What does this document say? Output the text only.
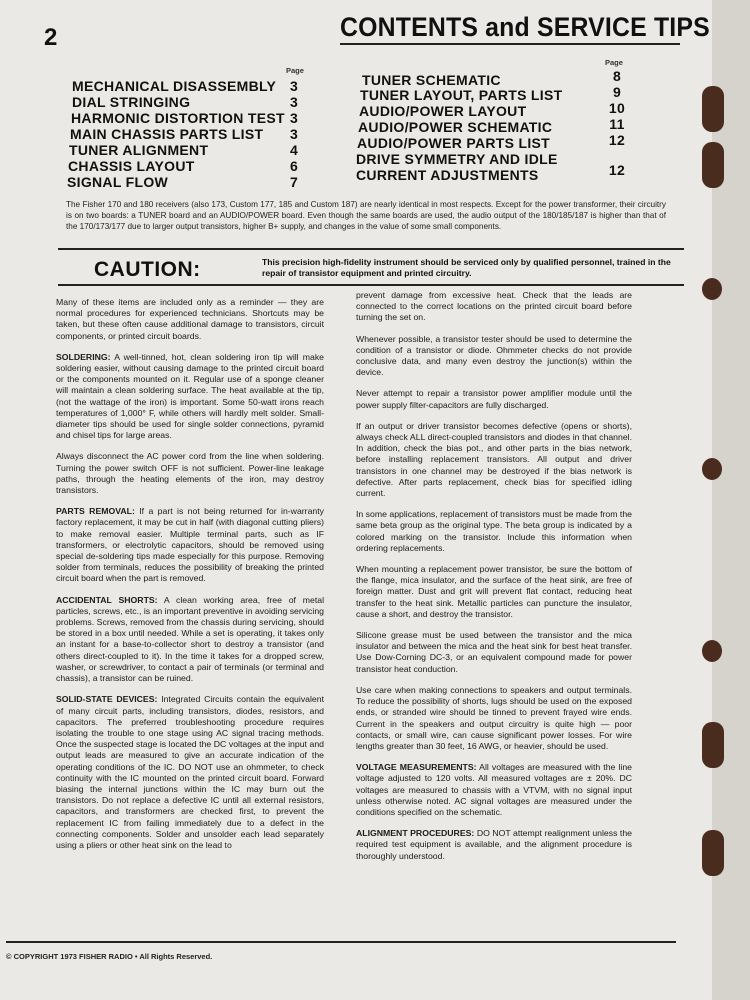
2	CONTENTS and SERVICE TIPS
Page
Page
MECHANICAL DISASSEMBLY 3
DIAL STRINGING	3
HARMONIC DISTORTION TEST 3
MAIN CHASSIS PARTS LIST	3
TUNER ALIGNMENT	4
CHASSIS LAYOUT	6
SIGNAL FLOW	7
TUNER SCHEMATIC	8
TUNER LAYOUT, PARTS LIST	9
AUDIO/POWER LAYOUT	10
AUDIO/POWER SCHEMATIC	11
AUDIO/POWER PARTS LIST	12
DRIVE SYMMETRY AND IDLE
CURRENT ADJUSTMENTS	12
The Fisher 170 and 180 receivers (also 173, Custom 177, 185 and Custom 187) are nearly identical in most respects. Except for the power transformer, their circuitry is on two boards: a TUNER board and an AUDIO/POWER board. Even though the same boards are used, the audio output of the 180/185/187 is higher than that of the 170/173/177 due to larger output transistors, higher B+ supply, and changes in the value of some small components.
CAUTION:	This precision high-fidelity instrument should be serviced only by qualified personnel, trained in the repair of transistor equipment and printed circuitry.

Many of these items are included only as a reminder — they are normal procedures for experienced technicians. Shortcuts may be taken, but these often cause additional damage to transistors, circuit components, or printed circuit boards.

SOLDERING: A well-tinned, hot, clean soldering iron tip will make soldering easier, without causing damage to the printed circuit board or the components mounted on it. Regular use of a sponge cleaner will maintain a clean soldering surface. The heat available at the tip, (not the wattage of the iron) is important. Some 50-watt irons reach temperatures of 1,000° F, while others will hardly melt solder. Small-diameter tips should be used for single solder connections, pyramid and chisel tips for large areas.

Always disconnect the AC power cord from the line when soldering. Turning the power switch OFF is not sufficient. Power-line leakage paths, through the heating elements of the iron, may destroy transistors.

PARTS REMOVAL: If a part is not being returned for in-warranty factory replacement, it may be cut in half (with diagonal cutting pliers) to make removal easier. Multiple terminal parts, such as IF transformers, or electrolytic capacitors, should be removed using special de-soldering tips made especially for this purpose. Removing solder from terminals, reduces the possibility of breaking the printed circuit board when the part is removed.

ACCIDENTAL SHORTS: A clean working area, free of metal particles, screws, etc., is an important preventive in avoiding servicing problems. Screws, removed from the chassis during servicing, should be stored in a box until needed. While a set is operating, it takes only an instant for a base-to-collector short to destroy a transistor (and others direct-coupled to it). In the time it takes for a dropped screw, washer, or screwdriver, to contact a pair of terminals (or terminal and chassis), a transistor can be ruined.

SOLID-STATE DEVICES: Integrated Circuits contain the equivalent of many circuit parts, including transistors, diodes, resistors, and capacitors. The preferred troubleshooting procedure requires isolating the trouble to one stage using AC signal tracing methods. Once the suspected stage is located the DC voltages at the input and output leads are measured to give an accurate indication of the operating conditions of the IC. DO NOT use an ohmmeter, to check continuity with the IC mounted on the printed circuit board. Forward biasing the internal junctions within the IC may burn out the transistors. Do not replace a defective IC until all external resistors, capacitors, and transformers are checked first, to prevent the replacement IC from failing immediately due to a defect in the connecting components. Solder and unsolder each lead separately using a pliers or other heat sink on the lead to

prevent damage from excessive heat. Check that the leads are connected to the correct locations on the printed circuit board before turning the set on.

Whenever possible, a transistor tester should be used to determine the condition of a transistor or diode. Ohmmeter checks do not provide conclusive data, and many even destroy the junction(s) within the device.

Never attempt to repair a transistor power amplifier module until the power supply filter-capacitors are fully discharged.

If an output or driver transistor becomes defective (opens or shorts), always check ALL direct-coupled transistors and diodes in that channel. In addition, check the bias pot., and other parts in the bias network, before installing replacement transistors. All output and driver transistors in one channel may be destroyed if the bias network is defective. After parts replacement, check bias for specified idling current.

In some applications, replacement of transistors must be made from the same beta group as the original type. The beta group is indicated by a colored marking on the transistor. Include this information when ordering replacements.

When mounting a replacement power transistor, be sure the bottom of the flange, mica insulator, and the surface of the heat sink, are free of foreign matter. Dust and grit will prevent flat contact, reducing heat transfer to the heat sink. Metallic particles can puncture the insulator, cause a short, and destroy the transistor.

Silicone grease must be used between the transistor and the mica insulator and between the mica and the heat sink for best heat transfer. Use Dow-Corning DC-3, or an equivalent compound made for power transistor heat conduction.

Use care when making connections to speakers and output terminals. To reduce the possibility of shorts, lugs should be used on the exposed ends, or stranded wire should be tinned to prevent frayed wire ends. Current in the speakers and output circuitry is quite high — poor contacts, or small wire, can cause significant power losses. For wire lengths greater than 30 feet, 16 AWG, or heavier, should be used.

VOLTAGE MEASUREMENTS: All voltages are measured with the line voltage adjusted to 120 volts. All measured voltages are ± 20%. DC voltages are measured to chassis with a VTVM, with no signal input unless otherwise noted. AC signal voltages are measured under the conditions specified on the schematic.

ALIGNMENT PROCEDURES: DO NOT attempt realignment unless the required test equipment is available, and the alignment procedure is thoroughly understood.

© COPYRIGHT 1973 FISHER RADIO • All Rights Reserved.
